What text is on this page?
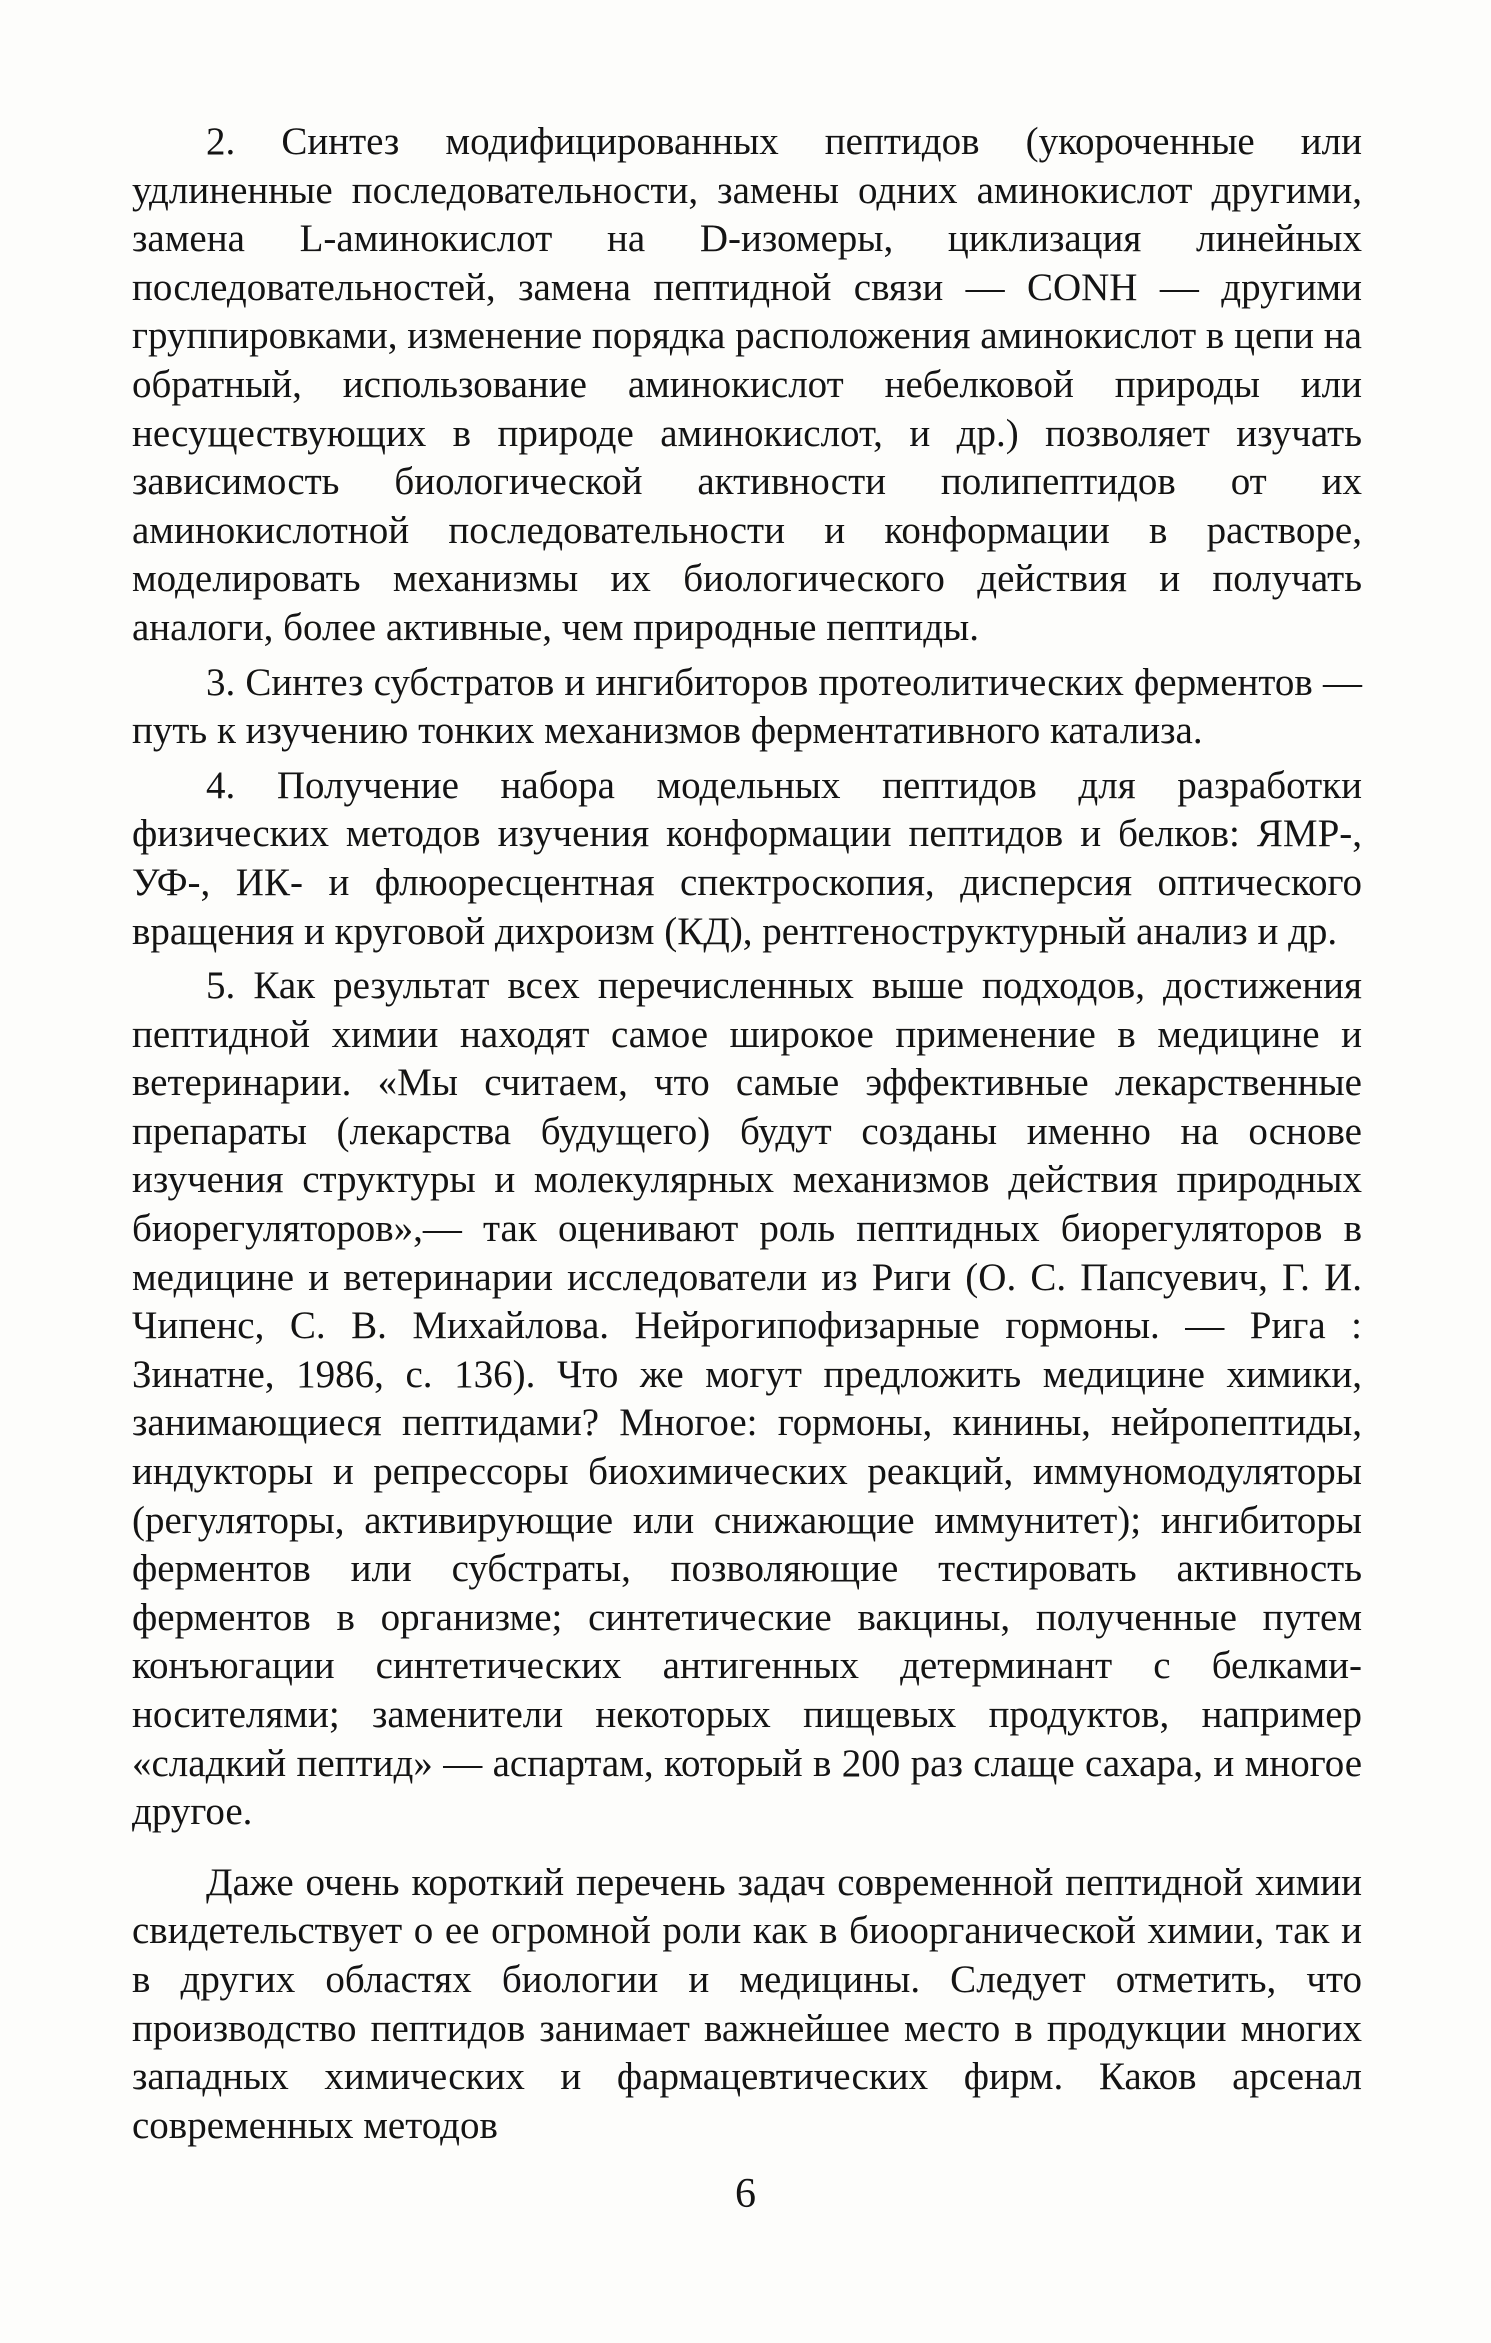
2. Синтез модифицированных пептидов (укороченные или удлиненные последовательности, замены одних аминокислот другими, замена L-аминокислот на D-изомеры, циклизация линейных последовательностей, замена пептидной связи — CONH — другими группировками, изменение порядка расположения аминокислот в цепи на обратный, использование аминокислот небелковой природы или несуществующих в природе аминокислот, и др.) позволяет изучать зависимость биологической активности полипептидов от их аминокислотной последовательности и конформации в растворе, моделировать механизмы их биологического действия и получать аналоги, более активные, чем природные пептиды.

3. Синтез субстратов и ингибиторов протеолитических ферментов — путь к изучению тонких механизмов ферментативного катализа.

4. Получение набора модельных пептидов для разработки физических методов изучения конформации пептидов и белков: ЯМР-, УФ-, ИК- и флюоресцентная спектроскопия, дисперсия оптического вращения и круговой дихроизм (КД), рентгеноструктурный анализ и др.

5. Как результат всех перечисленных выше подходов, достижения пептидной химии находят самое широкое применение в медицине и ветеринарии. «Мы считаем, что самые эффективные лекарственные препараты (лекарства будущего) будут созданы именно на основе изучения структуры и молекулярных механизмов действия природных биорегуляторов»,— так оценивают роль пептидных биорегуляторов в медицине и ветеринарии исследователи из Риги (О. С. Папсуевич, Г. И. Чипенс, С. В. Михайлова. Нейрогипофизарные гормоны. — Рига : Зинатне, 1986, с. 136). Что же могут предложить медицине химики, занимающиеся пептидами? Многое: гормоны, кинины, нейропептиды, индукторы и репрессоры биохимических реакций, иммуномодуляторы (регуляторы, активирующие или снижающие иммунитет); ингибиторы ферментов или субстраты, позволяющие тестировать активность ферментов в организме; синтетические вакцины, полученные путем конъюгации синтетических антигенных детерминант с белками-носителями; заменители некоторых пищевых продуктов, например «сладкий пептид» — аспартам, который в 200 раз слаще сахара, и многое другое.

Даже очень короткий перечень задач современной пептидной химии свидетельствует о ее огромной роли как в биоорганической химии, так и в других областях биологии и медицины. Следует отметить, что производство пептидов занимает важнейшее место в продукции многих западных химических и фармацевтических фирм. Каков арсенал современных методов

6
